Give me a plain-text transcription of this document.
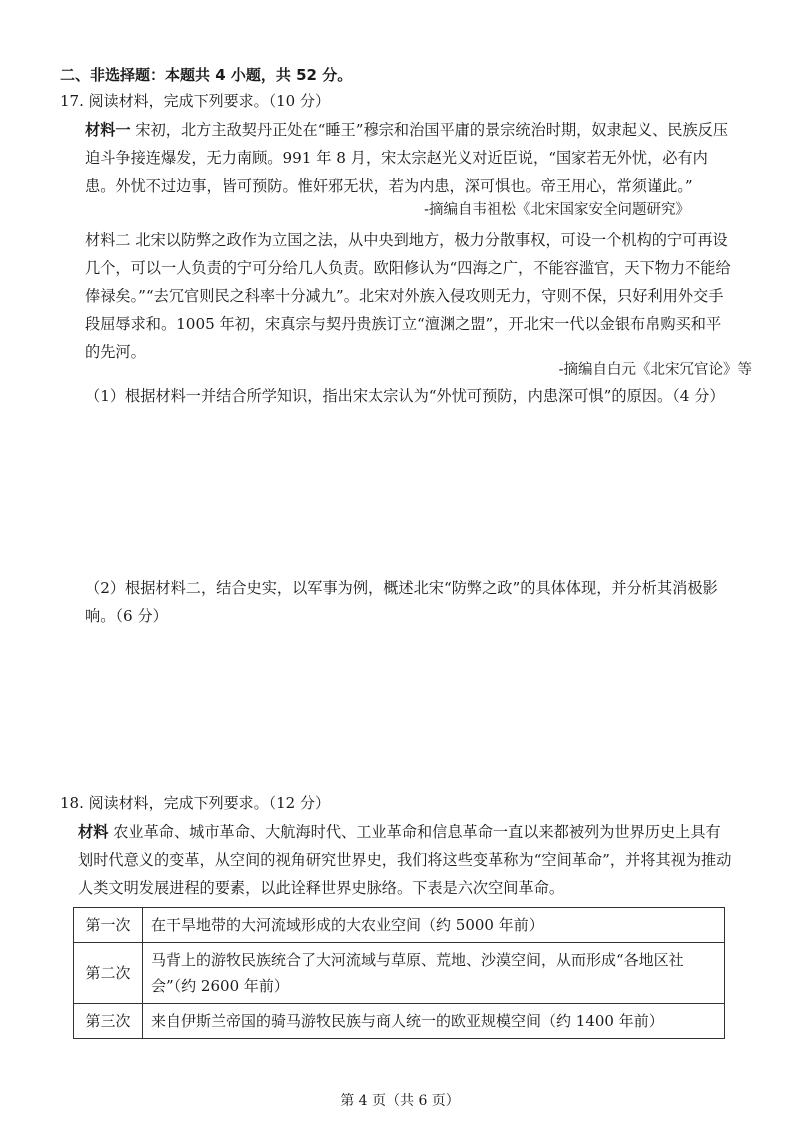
二、非选择题：本题共 4 小题，共 52 分。
17. 阅读材料，完成下列要求。（10 分）
材料一 宋初，北方主敌契丹正处在“睡王”穆宗和治国平庸的景宗统治时期，奴隶起义、民族反压迫斗争接连爆发，无力南顾。991 年 8 月，宋太宗赵光义对近臣说，“国家若无外忧，必有内患。外忧不过边事，皆可预防。惟奸邪无状，若为内患，深可惧也。帝王用心，常须谨此。”
-摘编自韦祖松《北宋国家安全问题研究》
材料二 北宋以防弊之政作为立国之法，从中央到地方，极力分散事权，可设一个机构的宁可再设几个，可以一人负责的宁可分给几人负责。欧阳修认为“四海之广，不能容滥官，天下物力不能给俸禄矣。”“去冗官则民之科率十分减九”。北宋对外族入侵攻则无力，守则不保，只好利用外交手段屈辱求和。1005 年初，宋真宗与契丹贵族订立“澶渊之盟”，开北宋一代以金银布帛购买和平的先河。
-摘编自白元《北宋冗官论》等
（1）根据材料一并结合所学知识，指出宋太宗认为“外忧可预防，内患深可惧”的原因。（4 分）
（2）根据材料二，结合史实，以军事为例，概述北宋“防弊之政”的具体体现，并分析其消极影响。（6 分）
18. 阅读材料，完成下列要求。（12 分）
材料 农业革命、城市革命、大航海时代、工业革命和信息革命一直以来都被列为世界历史上具有划时代意义的变革，从空间的视角研究世界史，我们将这些变革称为“空间革命”，并将其视为推动人类文明发展进程的要素，以此诠释世界史脉络。下表是六次空间革命。
第一次	在干旱地带的大河流域形成的大农业空间（约 5000 年前）
第二次	马背上的游牧民族统合了大河流域与草原、荒地、沙漠空间，从而形成“各地区社会”（约 2600 年前）
第三次	来自伊斯兰帝国的骑马游牧民族与商人统一的欧亚规模空间（约 1400 年前）
第 4 页（共 6 页）
